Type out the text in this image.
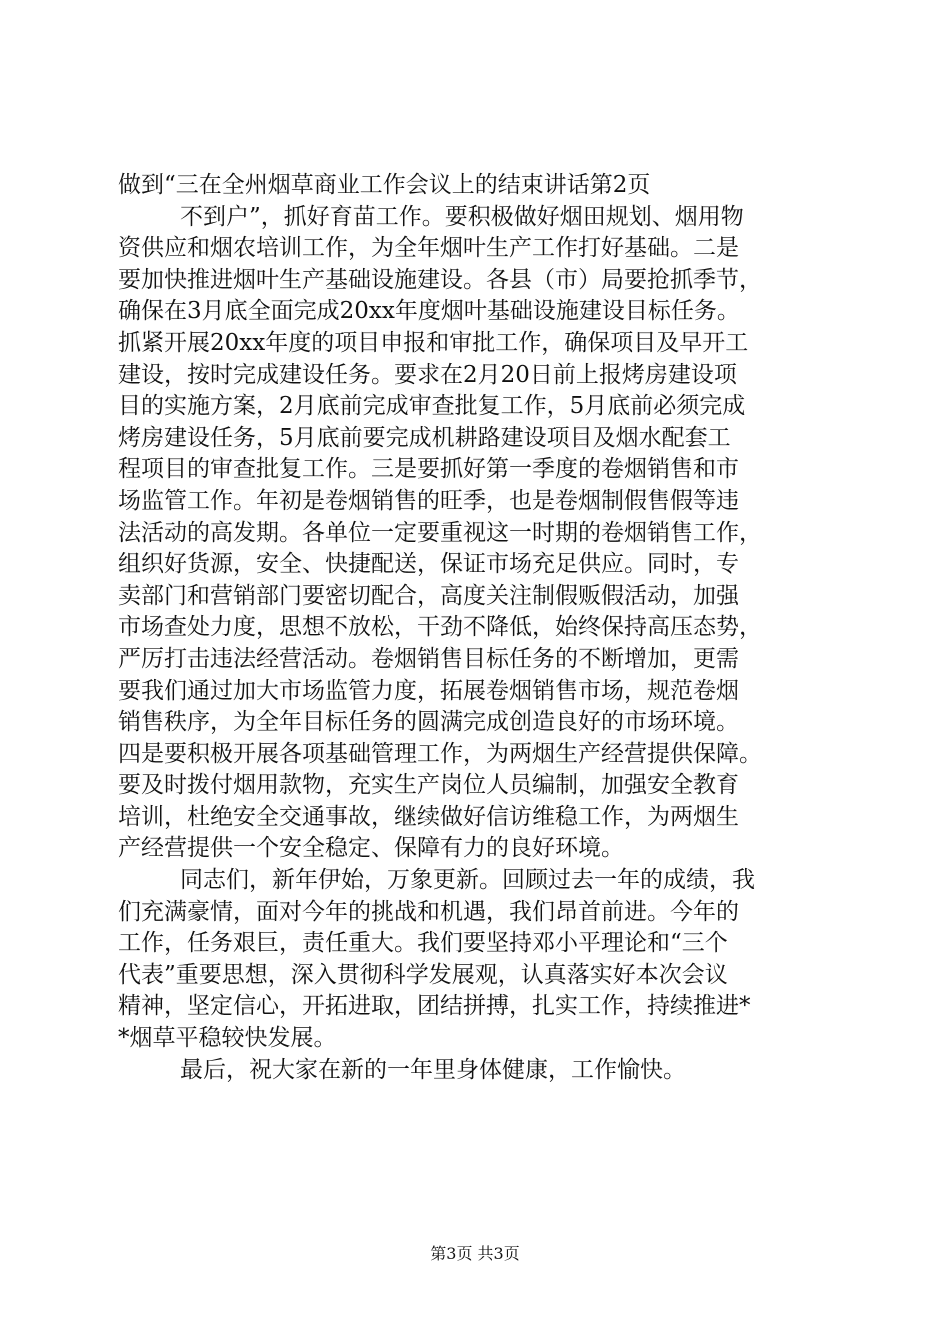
做到“三在全州烟草商业工作会议上的结束讲话第2页
不到户”，抓好育苗工作。要积极做好烟田规划、烟用物
资供应和烟农培训工作，为全年烟叶生产工作打好基础。二是
要加快推进烟叶生产基础设施建设。各县（市）局要抢抓季节，
确保在3月底全面完成20xx年度烟叶基础设施建设目标任务。
抓紧开展20xx年度的项目申报和审批工作，确保项目及早开工
建设，按时完成建设任务。要求在2月20日前上报烤房建设项
目的实施方案，2月底前完成审查批复工作，5月底前必须完成
烤房建设任务，5月底前要完成机耕路建设项目及烟水配套工
程项目的审查批复工作。三是要抓好第一季度的卷烟销售和市
场监管工作。年初是卷烟销售的旺季，也是卷烟制假售假等违
法活动的高发期。各单位一定要重视这一时期的卷烟销售工作，
组织好货源，安全、快捷配送，保证市场充足供应。同时，专
卖部门和营销部门要密切配合，高度关注制假贩假活动，加强
市场查处力度，思想不放松，干劲不降低，始终保持高压态势，
严厉打击违法经营活动。卷烟销售目标任务的不断增加，更需
要我们通过加大市场监管力度，拓展卷烟销售市场，规范卷烟
销售秩序，为全年目标任务的圆满完成创造良好的市场环境。
四是要积极开展各项基础管理工作，为两烟生产经营提供保障。
要及时拨付烟用款物，充实生产岗位人员编制，加强安全教育
培训，杜绝安全交通事故，继续做好信访维稳工作，为两烟生
产经营提供一个安全稳定、保障有力的良好环境。
同志们，新年伊始，万象更新。回顾过去一年的成绩，我
们充满豪情，面对今年的挑战和机遇，我们昂首前进。今年的
工作，任务艰巨，责任重大。我们要坚持邓小平理论和“三个
代表”重要思想，深入贯彻科学发展观，认真落实好本次会议
精神，坚定信心，开拓进取，团结拼搏，扎实工作，持续推进*
*烟草平稳较快发展。
最后，祝大家在新的一年里身体健康，工作愉快。
第3页 共3页
